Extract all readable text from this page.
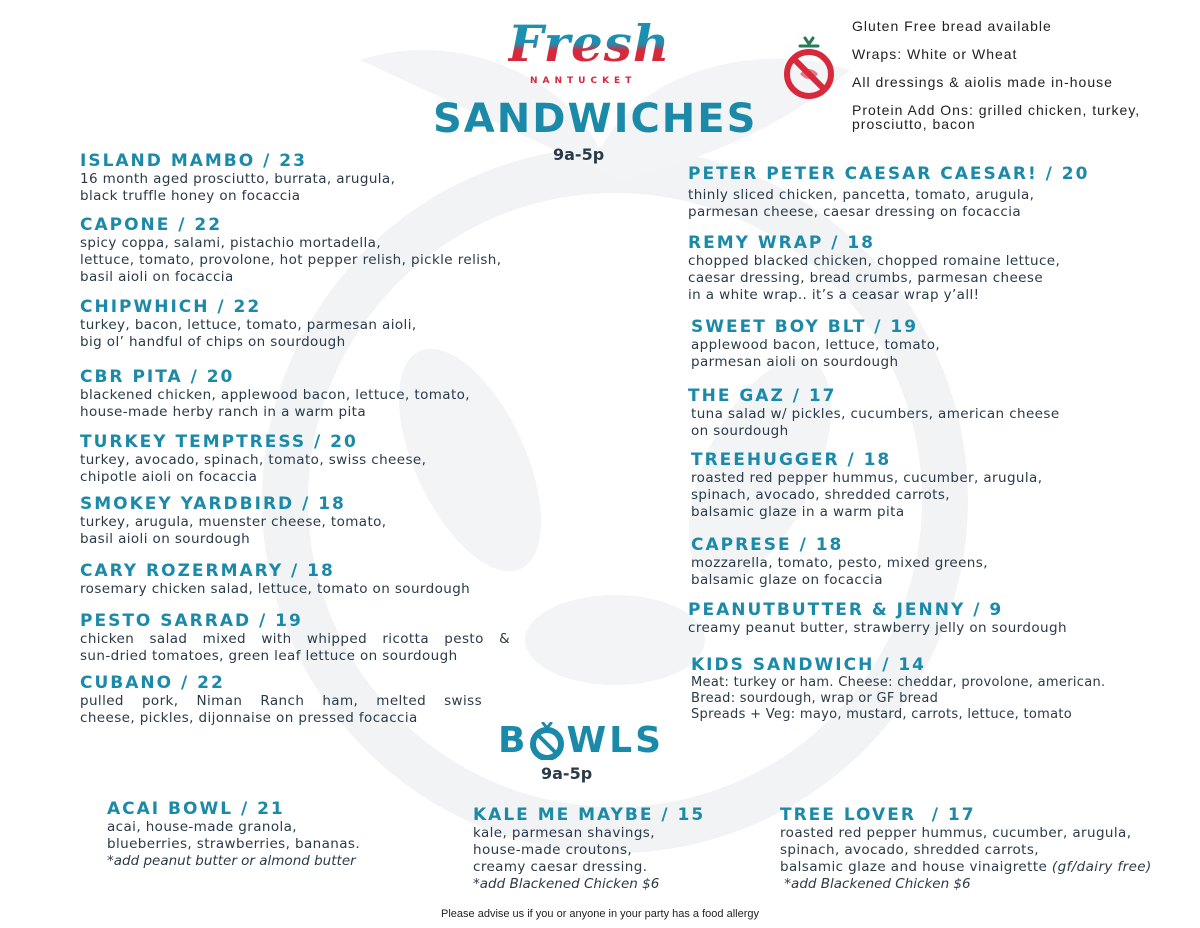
Fresh
NANTUCKET
SANDWICHES
9a-5p
Gluten Free bread available
Wraps: White or Wheat
All dressings & aiolis made in-house
Protein Add Ons: grilled chicken, turkey,
prosciutto, bacon
ISLAND MAMBO / 23
16 month aged prosciutto, burrata, arugula,
black truffle honey on focaccia
CAPONE / 22
spicy coppa, salami, pistachio mortadella,
lettuce, tomato, provolone, hot pepper relish, pickle relish,
basil aioli on focaccia
CHIPWHICH / 22
turkey, bacon, lettuce, tomato, parmesan aioli,
big ol’ handful of chips on sourdough
CBR PITA / 20
blackened chicken, applewood bacon, lettuce, tomato,
house-made herby ranch in a warm pita
TURKEY TEMPTRESS / 20
turkey, avocado, spinach, tomato, swiss cheese,
chipotle aioli on focaccia
SMOKEY YARDBIRD / 18
turkey, arugula, muenster cheese, tomato,
basil aioli on sourdough
CARY ROZERMARY / 18
rosemary chicken salad, lettuce, tomato on sourdough
PESTO SARRAD / 19
chicken salad mixed with whipped ricotta pesto &
sun-dried tomatoes, green leaf lettuce on sourdough
CUBANO / 22
pulled pork, Niman Ranch ham, melted swiss
cheese, pickles, dijonnaise on pressed focaccia
PETER PETER CAESAR CAESAR! / 20
thinly sliced chicken, pancetta, tomato, arugula,
parmesan cheese, caesar dressing on focaccia
REMY WRAP / 18
chopped blacked chicken, chopped romaine lettuce,
caesar dressing, bread crumbs, parmesan cheese
in a white wrap.. it’s a ceasar wrap y’all!
SWEET BOY BLT / 19
applewood bacon, lettuce, tomato,
parmesan aioli on sourdough
THE GAZ / 17
tuna salad w/ pickles, cucumbers, american cheese
on sourdough
TREEHUGGER / 18
roasted red pepper hummus, cucumber, arugula,
spinach, avocado, shredded carrots,
balsamic glaze in a warm pita
CAPRESE / 18
mozzarella, tomato, pesto, mixed greens,
balsamic glaze on focaccia
PEANUTBUTTER & JENNY / 9
creamy peanut butter, strawberry jelly on sourdough
KIDS SANDWICH / 14
Meat: turkey or ham. Cheese: cheddar, provolone, american.
Bread: sourdough, wrap or GF bread
Spreads + Veg: mayo, mustard, carrots, lettuce, tomato
B WLS
9a-5p
ACAI BOWL / 21
acai, house-made granola,
blueberries, strawberries, bananas.
*add peanut butter or almond butter
KALE ME MAYBE / 15
kale, parmesan shavings,
house-made croutons,
creamy caesar dressing.
*add Blackened Chicken $6
TREE LOVER  / 17
roasted red pepper hummus, cucumber, arugula,
spinach, avocado, shredded carrots,
balsamic glaze and house vinaigrette (gf/dairy free)
*add Blackened Chicken $6
Please advise us if you or anyone in your party has a food allergy
